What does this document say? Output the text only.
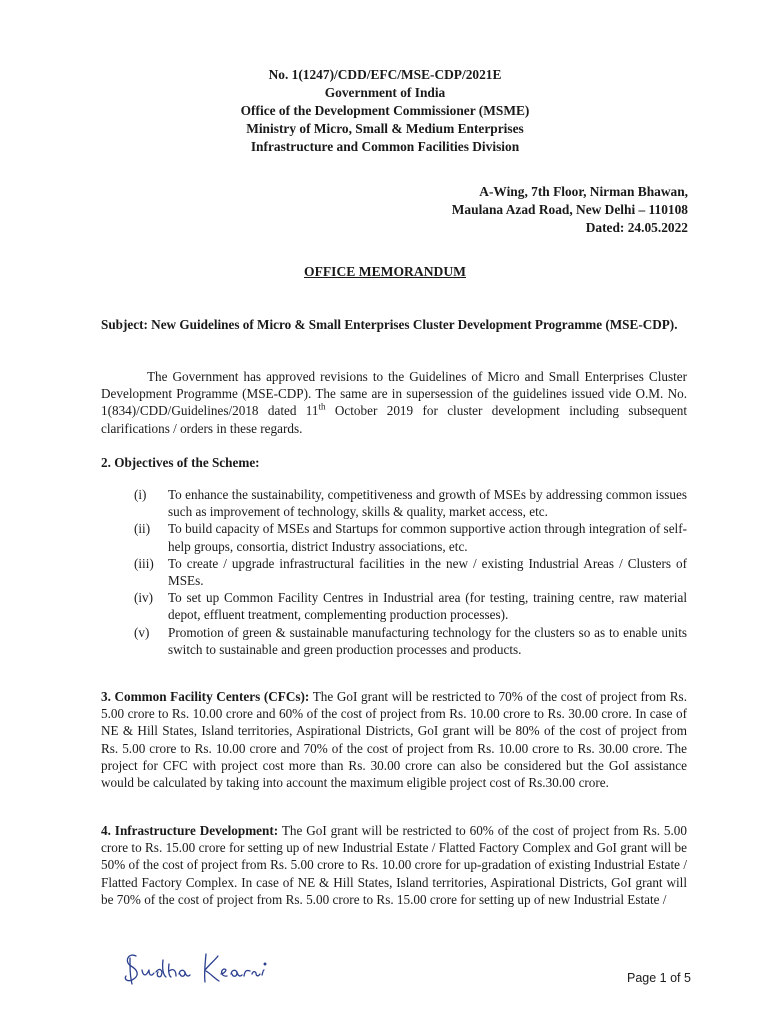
No. 1(1247)/CDD/EFC/MSE-CDP/2021E
Government of India
Office of the Development Commissioner (MSME)
Ministry of Micro, Small & Medium Enterprises
Infrastructure and Common Facilities Division
A-Wing, 7th Floor, Nirman Bhawan,
Maulana Azad Road, New Delhi – 110108
Dated: 24.05.2022
OFFICE MEMORANDUM
Subject: New Guidelines of Micro & Small Enterprises Cluster Development Programme (MSE-CDP).
The Government has approved revisions to the Guidelines of Micro and Small Enterprises Cluster Development Programme (MSE-CDP). The same are in supersession of the guidelines issued vide O.M. No. 1(834)/CDD/Guidelines/2018 dated 11th October 2019 for cluster development including subsequent clarifications / orders in these regards.
2. Objectives of the Scheme:
(i)	To enhance the sustainability, competitiveness and growth of MSEs by addressing common issues such as improvement of technology, skills & quality, market access, etc.
(ii)	To build capacity of MSEs and Startups for common supportive action through integration of self-help groups, consortia, district Industry associations, etc.
(iii)	To create / upgrade infrastructural facilities in the new / existing Industrial Areas / Clusters of MSEs.
(iv)	To set up Common Facility Centres in Industrial area (for testing, training centre, raw material depot, effluent treatment, complementing production processes).
(v)	Promotion of green & sustainable manufacturing technology for the clusters so as to enable units switch to sustainable and green production processes and products.
3. Common Facility Centers (CFCs): The GoI grant will be restricted to 70% of the cost of project from Rs. 5.00 crore to Rs. 10.00 crore and 60% of the cost of project from Rs. 10.00 crore to Rs. 30.00 crore. In case of NE & Hill States, Island territories, Aspirational Districts, GoI grant will be 80% of the cost of project from Rs. 5.00 crore to Rs. 10.00 crore and 70% of the cost of project from Rs. 10.00 crore to Rs. 30.00 crore. The project for CFC with project cost more than Rs. 30.00 crore can also be considered but the GoI assistance would be calculated by taking into account the maximum eligible project cost of Rs.30.00 crore.
4. Infrastructure Development: The GoI grant will be restricted to 60% of the cost of project from Rs. 5.00 crore to Rs. 15.00 crore for setting up of new Industrial Estate / Flatted Factory Complex and GoI grant will be 50% of the cost of project from Rs. 5.00 crore to Rs. 10.00 crore for up-gradation of existing Industrial Estate / Flatted Factory Complex. In case of NE & Hill States, Island territories, Aspirational Districts, GoI grant will be 70% of the cost of project from Rs. 5.00 crore to Rs. 15.00 crore for setting up of new Industrial Estate /
Page 1 of 5
